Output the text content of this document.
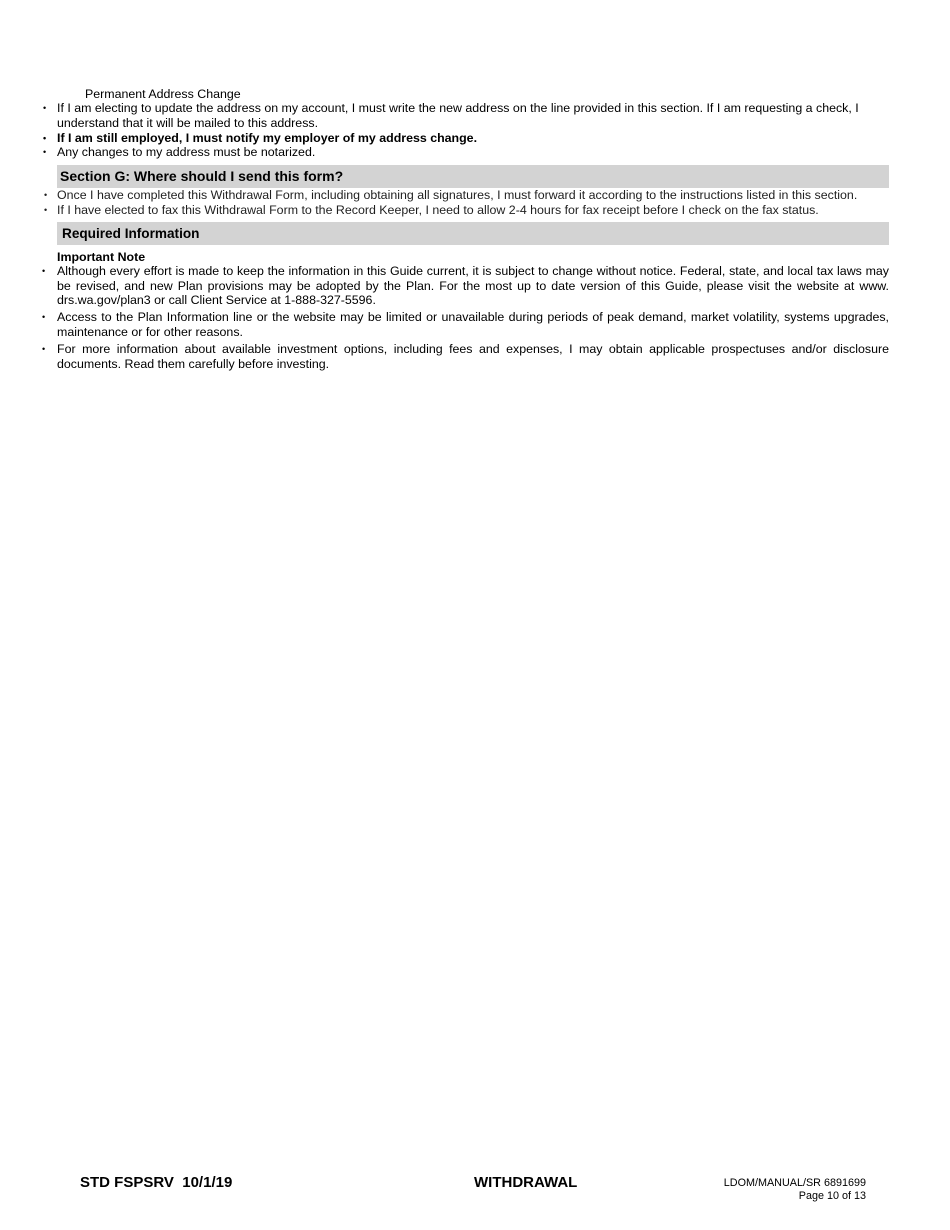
Permanent Address Change
• If I am electing to update the address on my account, I must write the new address on the line provided in this section. If I am requesting a check, I understand that it will be mailed to this address.
• If I am still employed, I must notify my employer of my address change.
• Any changes to my address must be notarized.
Section G: Where should I send this form?
• Once I have completed this Withdrawal Form, including obtaining all signatures, I must forward it according to the instructions listed in this section.
• If I have elected to fax this Withdrawal Form to the Record Keeper, I need to allow 2-4 hours for fax receipt before I check on the fax status.
Required Information
Important Note
• Although every effort is made to keep the information in this Guide current, it is subject to change without notice. Federal, state, and local tax laws may be revised, and new Plan provisions may be adopted by the Plan. For the most up to date version of this Guide, please visit the website at www. drs.wa.gov/plan3 or call Client Service at 1-888-327-5596.
• Access to the Plan Information line or the website may be limited or unavailable during periods of peak demand, market volatility, systems upgrades, maintenance or for other reasons.
• For more information about available investment options, including fees and expenses, I may obtain applicable prospectuses and/or disclosure documents. Read them carefully before investing.
STD FSPSRV  10/1/19	WITHDRAWAL	LDOM/MANUAL/SR 6891699
Page 10 of 13
